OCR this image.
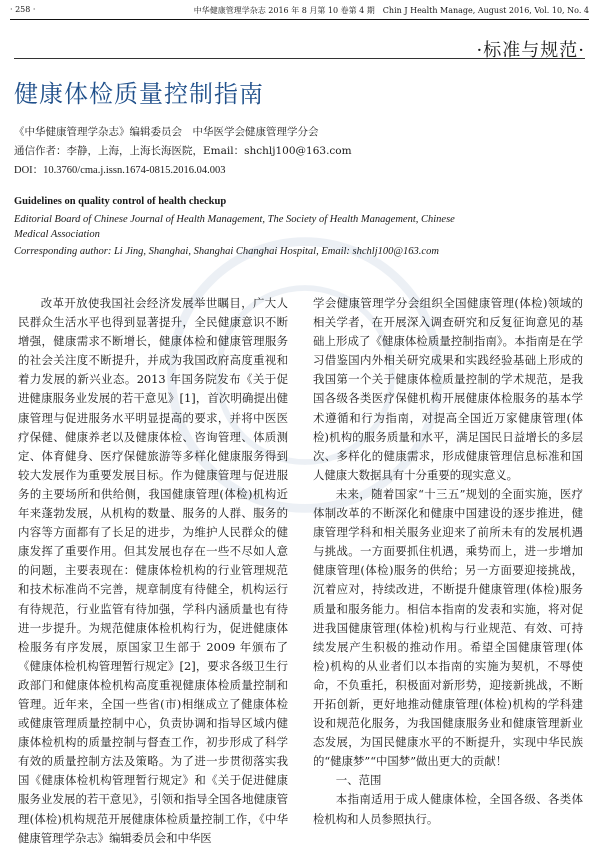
· 258 ·	中华健康管理学杂志 2016 年 8 月第 10 卷第 4 期　Chin J Health Manage, August 2016, Vol. 10, No. 4
·标准与规范·
健康体检质量控制指南
《中华健康管理学杂志》编辑委员会　中华医学会健康管理学分会
通信作者：李静，上海，上海长海医院，Email：shchlj100@163.com
DOI：10.3760/cma.j.issn.1674-0815.2016.04.003
Guidelines on quality control of health checkup
Editorial Board of Chinese Journal of Health Management, The Society of Health Management, Chinese
Medical Association
Corresponding author: Li Jing, Shanghai, Shanghai Changhai Hospital, Email: shchlj100@163.com

改革开放使我国社会经济发展举世瞩目，广大人民群众生活水平也得到显著提升，全民健康意识不断增强，健康需求不断增长，健康体检和健康管理服务的社会关注度不断提升，并成为我国政府高度重视和着力发展的新兴业态。2013 年国务院发布《关于促进健康服务业发展的若干意见》[1]，首次明确提出健康管理与促进服务水平明显提高的要求，并将中医医疗保健、健康养老以及健康体检、咨询管理、体质测定、体育健身、医疗保健旅游等多样化健康服务得到较大发展作为重要发展目标。作为健康管理与促进服务的主要场所和供给侧，我国健康管理(体检)机构近年来蓬勃发展，从机构的数量、服务的人群、服务的内容等方面都有了长足的进步，为维护人民群众的健康发挥了重要作用。但其发展也存在一些不尽如人意的问题，主要表现在：健康体检机构的行业管理规范和技术标准尚不完善，规章制度有待健全，机构运行有待规范，行业监管有待加强，学科内涵质量也有待进一步提升。为规范健康体检机构行为，促进健康体检服务有序发展，原国家卫生部于 2009 年颁布了《健康体检机构管理暂行规定》[2]，要求各级卫生行政部门和健康体检机构高度重视健康体检质量控制和管理。近年来，全国一些省(市)相继成立了健康体检或健康管理质量控制中心，负责协调和指导区域内健康体检机构的质量控制与督查工作，初步形成了科学有效的质量控制方法及策略。为了进一步贯彻落实我国《健康体检机构管理暂行规定》和《关于促进健康服务业发展的若干意见》，引领和指导全国各地健康管理(体检)机构规范开展健康体检质量控制工作，《中华健康管理学杂志》编辑委员会和中华医

学会健康管理学分会组织全国健康管理(体检)领域的相关学者，在开展深入调查研究和反复征询意见的基础上形成了《健康体检质量控制指南》。本指南是在学习借鉴国内外相关研究成果和实践经验基础上形成的我国第一个关于健康体检质量控制的学术规范，是我国各级各类医疗保健机构开展健康体检服务的基本学术遵循和行为指南，对提高全国近万家健康管理(体检)机构的服务质量和水平，满足国民日益增长的多层次、多样化的健康需求，形成健康管理信息标准和国人健康大数据具有十分重要的现实意义。

未来，随着国家“十三五”规划的全面实施，医疗体制改革的不断深化和健康中国建设的逐步推进，健康管理学科和相关服务业迎来了前所未有的发展机遇与挑战。一方面要抓住机遇，乘势而上，进一步增加健康管理(体检)服务的供给；另一方面要迎接挑战，沉着应对，持续改进，不断提升健康管理(体检)服务质量和服务能力。相信本指南的发表和实施，将对促进我国健康管理(体检)机构与行业规范、有效、可持续发展产生积极的推动作用。希望全国健康管理(体检)机构的从业者们以本指南的实施为契机，不辱使命，不负重托，积极面对新形势，迎接新挑战，不断开拓创新，更好地推动健康管理(体检)机构的学科建设和规范化服务，为我国健康服务业和健康管理新业态发展，为国民健康水平的不断提升，实现中华民族的“健康梦”“中国梦”做出更大的贡献！

一、范围

本指南适用于成人健康体检，全国各级、各类体检机构和人员参照执行。
